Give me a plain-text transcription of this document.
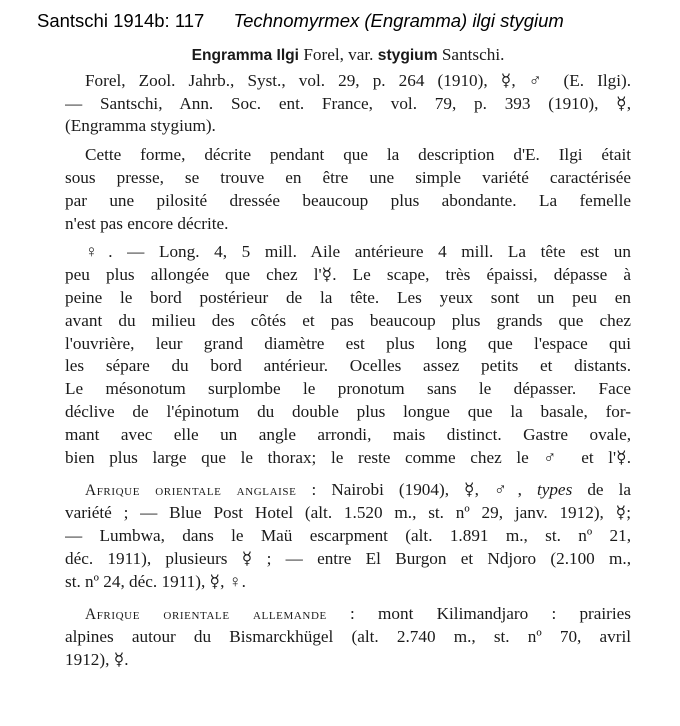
Santschi 1914b: 117 Technomyrmex (Engramma) ilgi stygium
Engramma Ilgi Forel, var. stygium Santschi.
Forel, Zool. Jahrb., Syst., vol. 29, p. 264 (1910), ☿, ♂ (E. Ilgi).
— Santschi, Ann. Soc. ent. France, vol. 79, p. 393 (1910), ☿,
(Engramma stygium).
Cette forme, décrite pendant que la description d'E. Ilgi était
sous presse, se trouve en être une simple variété caractérisée
par une pilosité dressée beaucoup plus abondante. La femelle
n'est pas encore décrite.
♀. — Long. 4, 5 mill. Aile antérieure 4 mill. La tête est un
peu plus allongée que chez l'☿. Le scape, très épaissi, dépasse à
peine le bord postérieur de la tête. Les yeux sont un peu en
avant du milieu des côtés et pas beaucoup plus grands que chez
l'ouvrière, leur grand diamètre est plus long que l'espace qui
les sépare du bord antérieur. Ocelles assez petits et distants.
Le mésonotum surplombe le pronotum sans le dépasser. Face
déclive de l'épinotum du double plus longue que la basale, for-
mant avec elle un angle arrondi, mais distinct. Gastre ovale,
bien plus large que le thorax; le reste comme chez le ♂ et l'☿.
Afrique orientale anglaise : Nairobi (1904), ☿, ♂, types de la
variété ; — Blue Post Hotel (alt. 1.520 m., st. nº 29, janv. 1912), ☿;
— Lumbwa, dans le Maü escarpment (alt. 1.891 m., st. nº 21,
déc. 1911), plusieurs ☿ ; — entre El Burgon et Ndjoro (2.100 m.,
st. nº 24, déc. 1911), ☿, ♀.
Afrique orientale allemande : mont Kilimandjaro : prairies
alpines autour du Bismarckhügel (alt. 2.740 m., st. nº 70, avril
1912), ☿.
